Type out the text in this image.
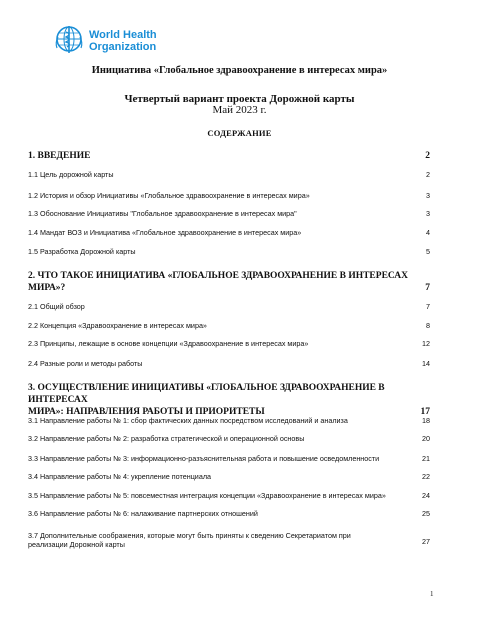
World Health
Organization
Инициатива «Глобальное здравоохранение в интересах мира»
Четвертый вариант проекта Дорожной карты
Май 2023 г.
СОДЕРЖАНИЕ
1. ВВЕДЕНИЕ	2
1.1 Цель дорожной карты	2
1.2 История и обзор Инициативы «Глобальное здравоохранение в интересах мира»	3
1.3 Обоснование Инициативы "Глобальное здравоохранение в интересах мира"	3
1.4 Мандат ВОЗ и Инициатива «Глобальное здравоохранение в интересах мира»	4
1.5 Разработка Дорожной карты	5
2. ЧТО ТАКОЕ ИНИЦИАТИВА «ГЛОБАЛЬНОЕ ЗДРАВООХРАНЕНИЕ В ИНТЕРЕСАХ
МИРА»?	7
2.1 Общий обзор	7
2.2 Концепция «Здравоохранение в интересах мира»	8
2.3 Принципы, лежащие в основе концепции «Здравоохранение в интересах мира»	12
2.4 Разные роли и методы работы	14
3. ОСУЩЕСТВЛЕНИЕ ИНИЦИАТИВЫ «ГЛОБАЛЬНОЕ ЗДРАВООХРАНЕНИЕ В ИНТЕРЕСАХ
МИРА»: НАПРАВЛЕНИЯ РАБОТЫ И ПРИОРИТЕТЫ	17
3.1 Направление работы № 1: сбор фактических данных посредством исследований и анализа	18
3.2 Направление работы № 2: разработка стратегической и операционной основы	20
3.3 Направление работы № 3: информационно-разъяснительная работа и повышение осведомленности	21
3.4 Направление работы № 4: укрепление потенциала	22
3.5 Направление работы № 5: повсеместная интеграция концепции «Здравоохранение в интересах мира»	24
3.6 Направление работы № 6: налаживание партнерских отношений	25
3.7 Дополнительные соображения, которые могут быть приняты к сведению Секретариатом при реализации Дорожной карты	27
1
